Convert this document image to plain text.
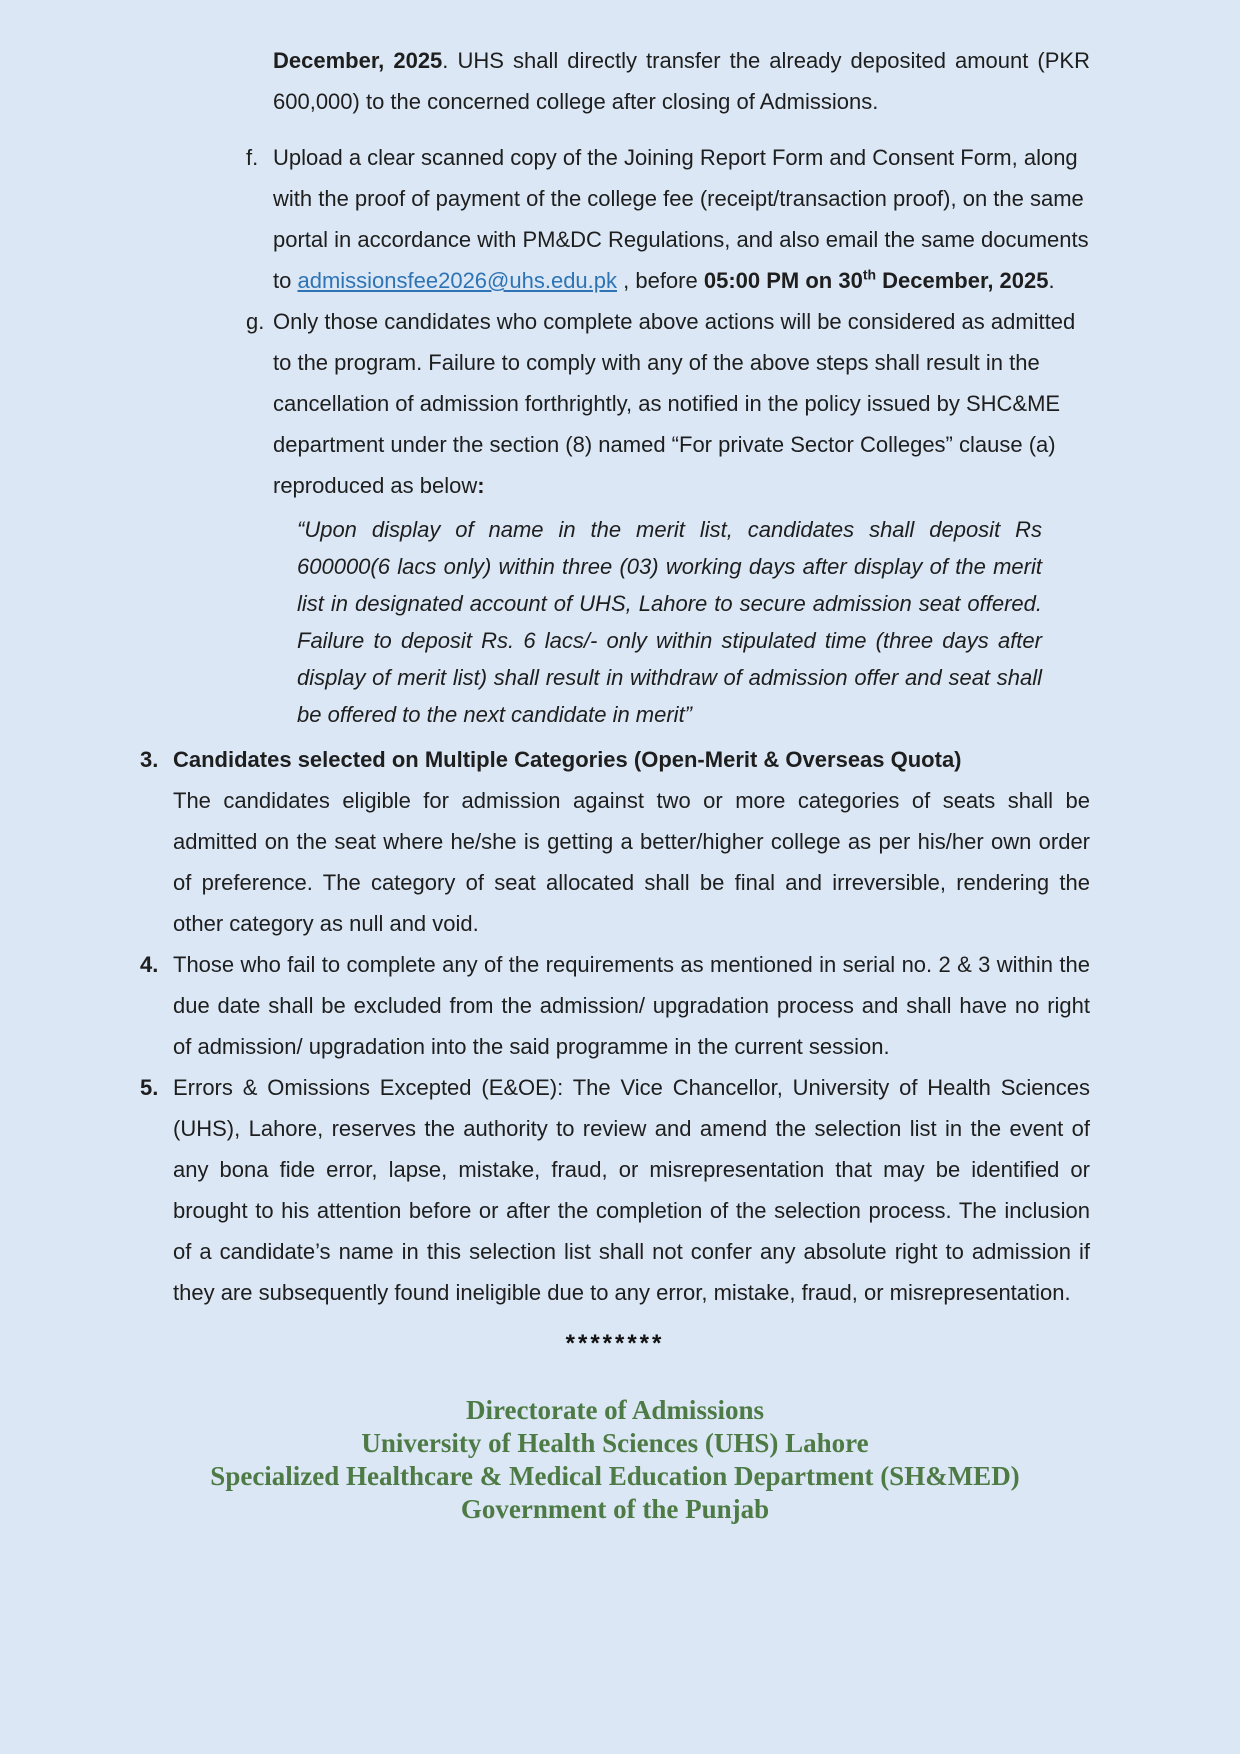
December, 2025. UHS shall directly transfer the already deposited amount (PKR 600,000) to the concerned college after closing of Admissions.

f. Upload a clear scanned copy of the Joining Report Form and Consent Form, along with the proof of payment of the college fee (receipt/transaction proof), on the same portal in accordance with PM&DC Regulations, and also email the same documents to admissionsfee2026@uhs.edu.pk , before 05:00 PM on 30th December, 2025.
g. Only those candidates who complete above actions will be considered as admitted to the program. Failure to comply with any of the above steps shall result in the cancellation of admission forthrightly, as notified in the policy issued by SHC&ME department under the section (8) named “For private Sector Colleges” clause (a) reproduced as below:
“Upon display of name in the merit list, candidates shall deposit Rs 600000(6 lacs only) within three (03) working days after display of the merit list in designated account of UHS, Lahore to secure admission seat offered. Failure to deposit Rs. 6 lacs/- only within stipulated time (three days after display of merit list) shall result in withdraw of admission offer and seat shall be offered to the next candidate in merit”
3. Candidates selected on Multiple Categories (Open-Merit & Overseas Quota)
The candidates eligible for admission against two or more categories of seats shall be admitted on the seat where he/she is getting a better/higher college as per his/her own order of preference. The category of seat allocated shall be final and irreversible, rendering the other category as null and void.
4. Those who fail to complete any of the requirements as mentioned in serial no. 2 & 3 within the due date shall be excluded from the admission/ upgradation process and shall have no right of admission/ upgradation into the said programme in the current session.
5. Errors & Omissions Excepted (E&OE): The Vice Chancellor, University of Health Sciences (UHS), Lahore, reserves the authority to review and amend the selection list in the event of any bona fide error, lapse, mistake, fraud, or misrepresentation that may be identified or brought to his attention before or after the completion of the selection process. The inclusion of a candidate’s name in this selection list shall not confer any absolute right to admission if they are subsequently found ineligible due to any error, mistake, fraud, or misrepresentation.
********
Directorate of Admissions
University of Health Sciences (UHS) Lahore
Specialized Healthcare & Medical Education Department (SH&MED)
Government of the Punjab
